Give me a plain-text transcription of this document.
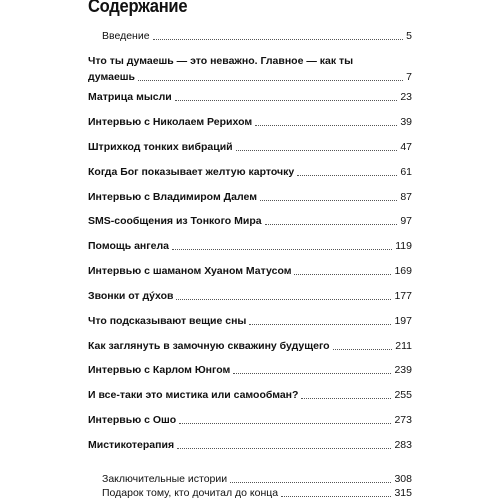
Содержание
Введение	5
Что ты думаешь — это неважно. Главное — как ты
думаешь	7
Матрица мысли	23
Интервью с Николаем Рерихом	39
Штрихкод тонких вибраций	47
Когда Бог показывает желтую карточку	61
Интервью с Владимиром Далем	87
SMS-сообщения из Тонкого Мира	97
Помощь ангела	119
Интервью с шаманом Хуаном Матусом	169
Звонки от дýхов	177
Что подсказывают вещие сны	197
Как заглянуть в замочную скважину будущего	211
Интервью с Карлом Юнгом	239
И все-таки это мистика или самообман?	255
Интервью с Ошо	273
Мистикотерапия	283
Заключительные истории	308
Подарок тому, кто дочитал до конца	315
